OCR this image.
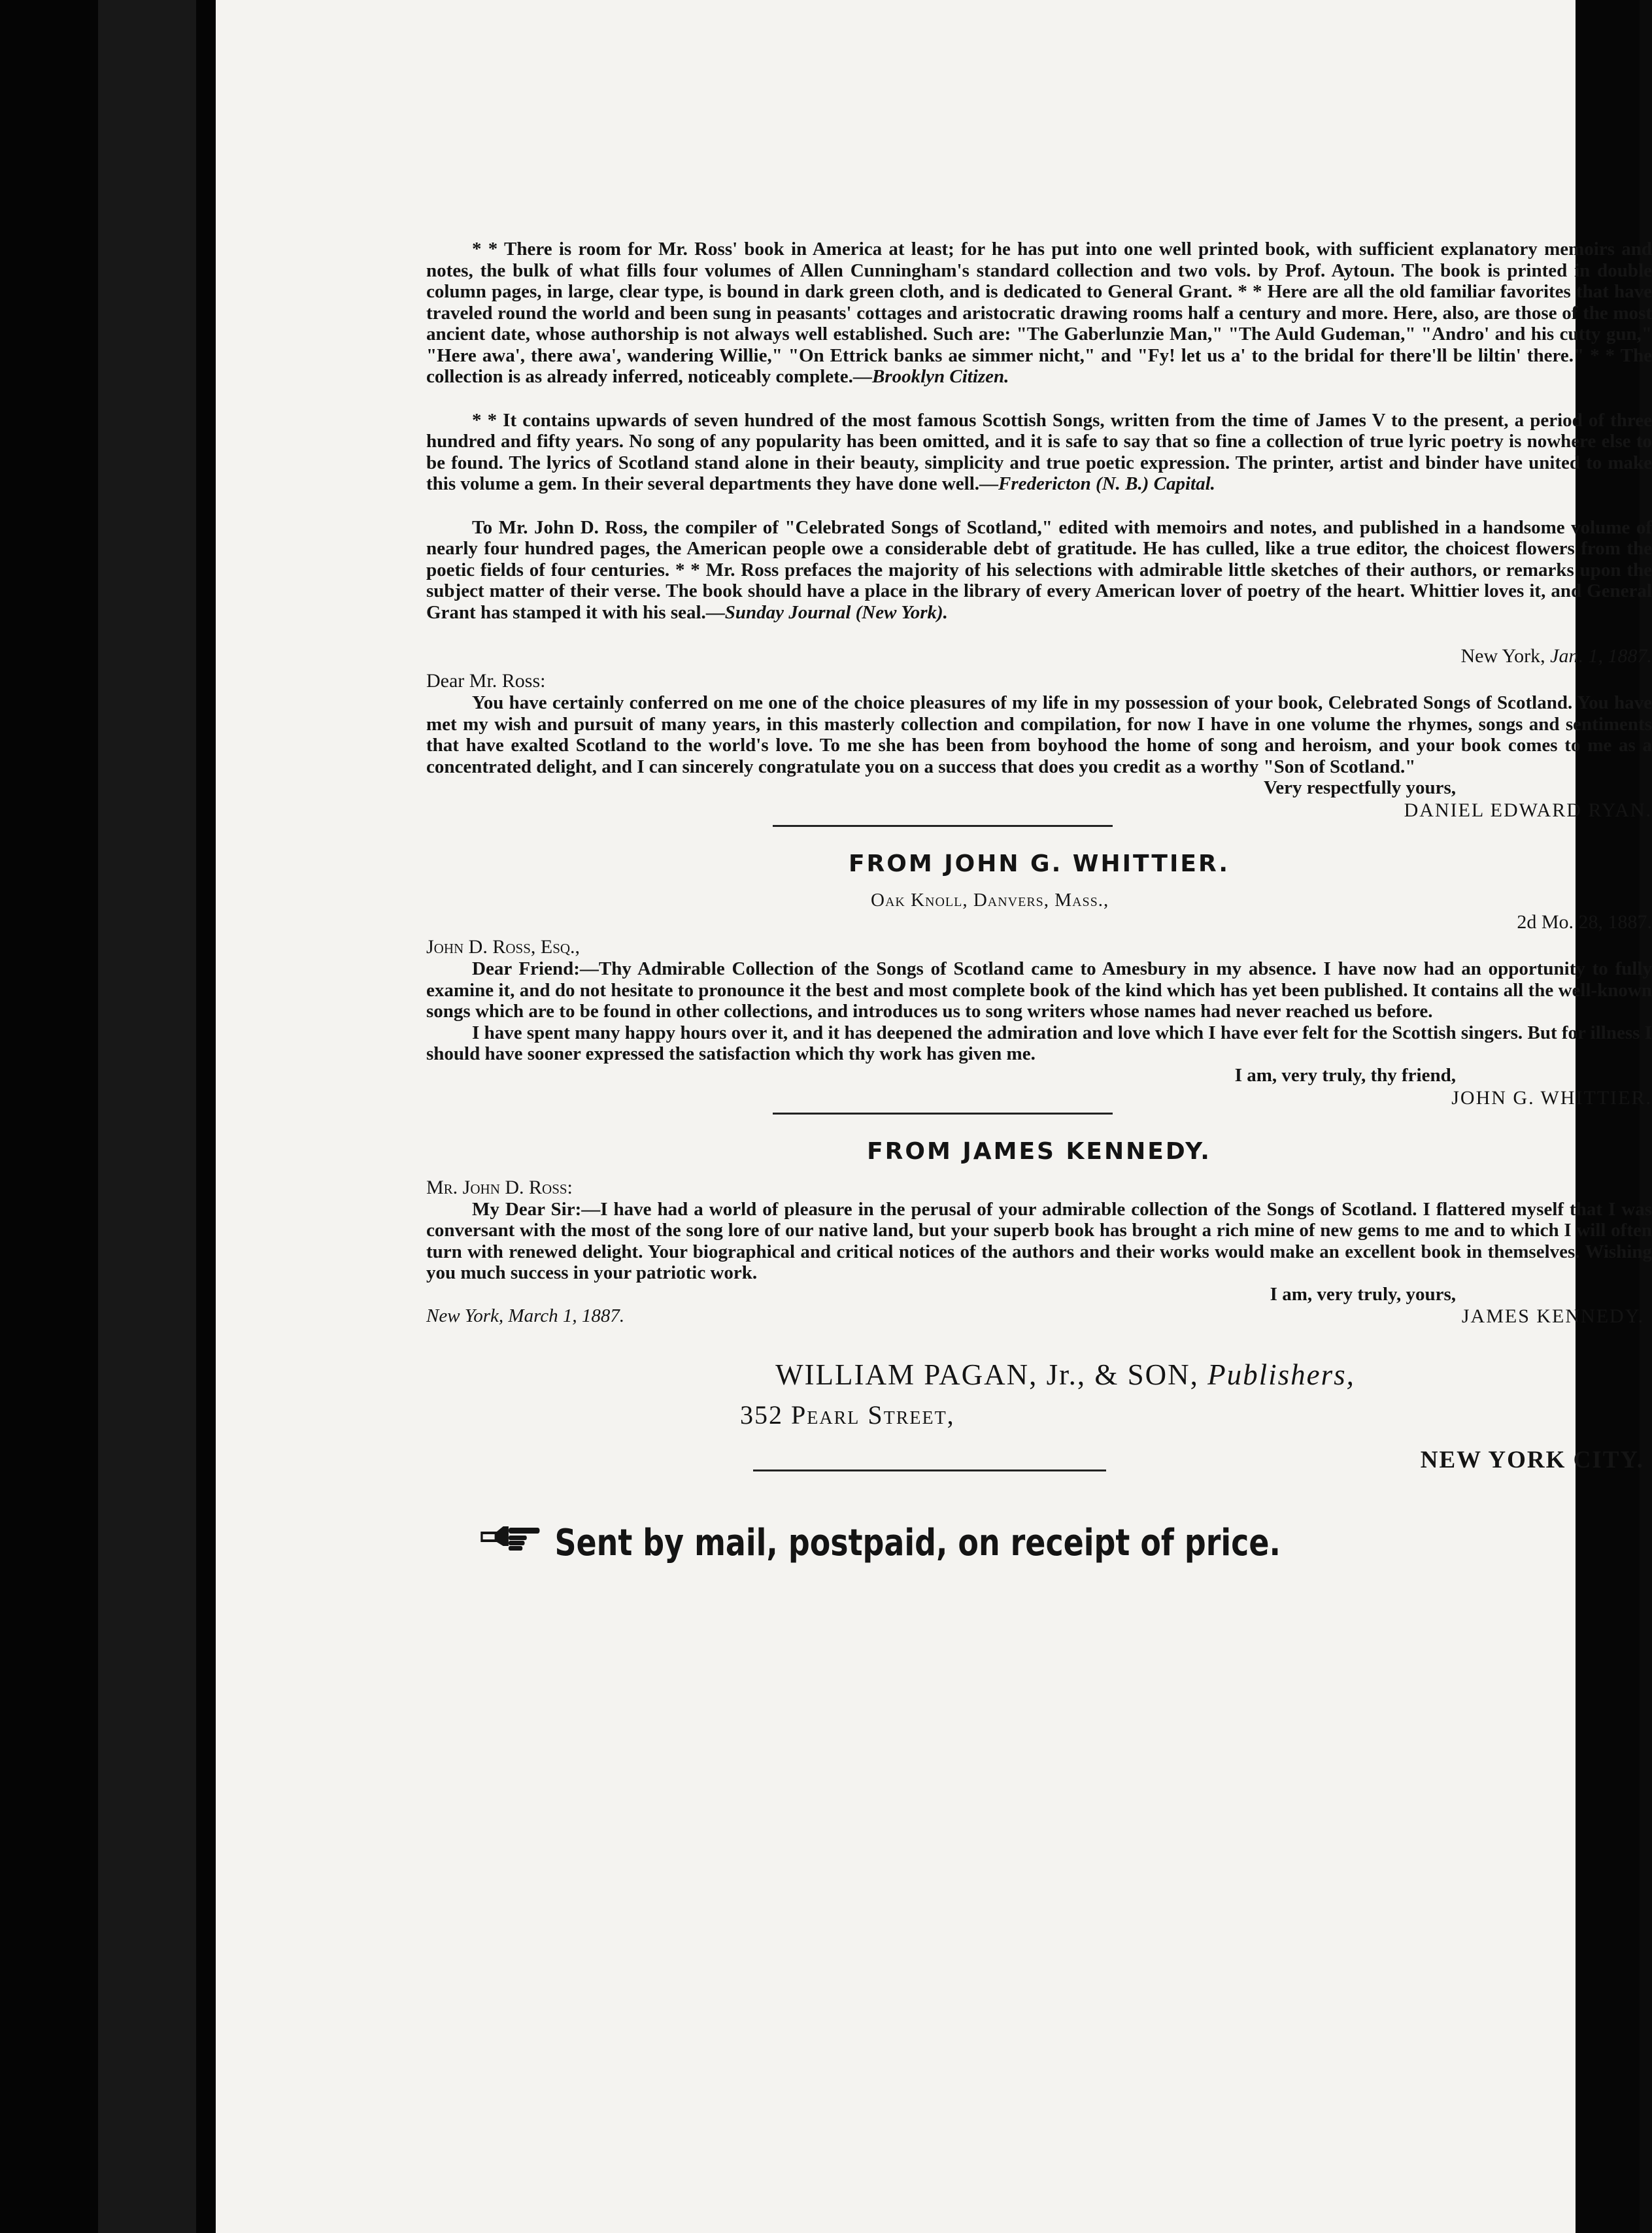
* * There is room for Mr. Ross' book in America at least; for he has put into one well printed book, with sufficient explanatory memoirs and notes, the bulk of what fills four volumes of Allen Cunningham's standard collection and two vols. by Prof. Aytoun. The book is printed in double column pages, in large, clear type, is bound in dark green cloth, and is dedicated to General Grant. * * Here are all the old familiar favorites that have traveled round the world and been sung in peasants' cottages and aristocratic drawing rooms half a century and more. Here, also, are those of the most ancient date, whose authorship is not always well established. Such are: "The Gaberlunzie Man," "The Auld Gudeman," "Andro' and his cutty gun," "Here awa', there awa', wandering Willie," "On Ettrick banks ae simmer nicht," and "Fy! let us a' to the bridal for there'll be liltin' there." * * The collection is as already inferred, noticeably complete.—Brooklyn Citizen.

* * It contains upwards of seven hundred of the most famous Scottish Songs, written from the time of James V to the present, a period of three hundred and fifty years. No song of any popularity has been omitted, and it is safe to say that so fine a collection of true lyric poetry is nowhere else to be found. The lyrics of Scotland stand alone in their beauty, simplicity and true poetic expression. The printer, artist and binder have united to make this volume a gem. In their several departments they have done well.—Fredericton (N. B.) Capital.

To Mr. John D. Ross, the compiler of "Celebrated Songs of Scotland," edited with memoirs and notes, and published in a handsome volume of nearly four hundred pages, the American people owe a considerable debt of gratitude. He has culled, like a true editor, the choicest flowers from the poetic fields of four centuries. * * Mr. Ross prefaces the majority of his selections with admirable little sketches of their authors, or remarks upon the subject matter of their verse. The book should have a place in the library of every American lover of poetry of the heart. Whittier loves it, and General Grant has stamped it with his seal.—Sunday Journal (New York).

New York, Jan. 1, 1887.

Dear Mr. Ross:

You have certainly conferred on me one of the choice pleasures of my life in my possession of your book, Celebrated Songs of Scotland. You have met my wish and pursuit of many years, in this masterly collection and compilation, for now I have in one volume the rhymes, songs and sentiments that have exalted Scotland to the world's love. To me she has been from boyhood the home of song and heroism, and your book comes to me as a concentrated delight, and I can sincerely congratulate you on a success that does you credit as a worthy "Son of Scotland."

Very respectfully yours,

DANIEL EDWARD RYAN.

FROM JOHN G. WHITTIER.

Oak Knoll, Danvers, Mass.,

2d Mo. 28, 1887.

John D. Ross, Esq.,

Dear Friend:—Thy Admirable Collection of the Songs of Scotland came to Amesbury in my absence. I have now had an opportunity to fully examine it, and do not hesitate to pronounce it the best and most complete book of the kind which has yet been published. It contains all the well-known songs which are to be found in other collections, and introduces us to song writers whose names had never reached us before.

I have spent many happy hours over it, and it has deepened the admiration and love which I have ever felt for the Scottish singers. But for illness I should have sooner expressed the satisfaction which thy work has given me.

I am, very truly, thy friend,

JOHN G. WHITTIER.

FROM JAMES KENNEDY.

Mr. John D. Ross:

My Dear Sir:—I have had a world of pleasure in the perusal of your admirable collection of the Songs of Scotland. I flattered myself that I was conversant with the most of the song lore of our native land, but your superb book has brought a rich mine of new gems to me and to which I will often turn with renewed delight. Your biographical and critical notices of the authors and their works would make an excellent book in themselves. Wishing you much success in your patriotic work.

I am, very truly, yours,

New York, March 1, 1887.	JAMES KENNEDY.

WILLIAM PAGAN, Jr., & SON, Publishers,

352 Pearl Street,

NEW YORK CITY.
Sent by mail, postpaid, on receipt of price.
